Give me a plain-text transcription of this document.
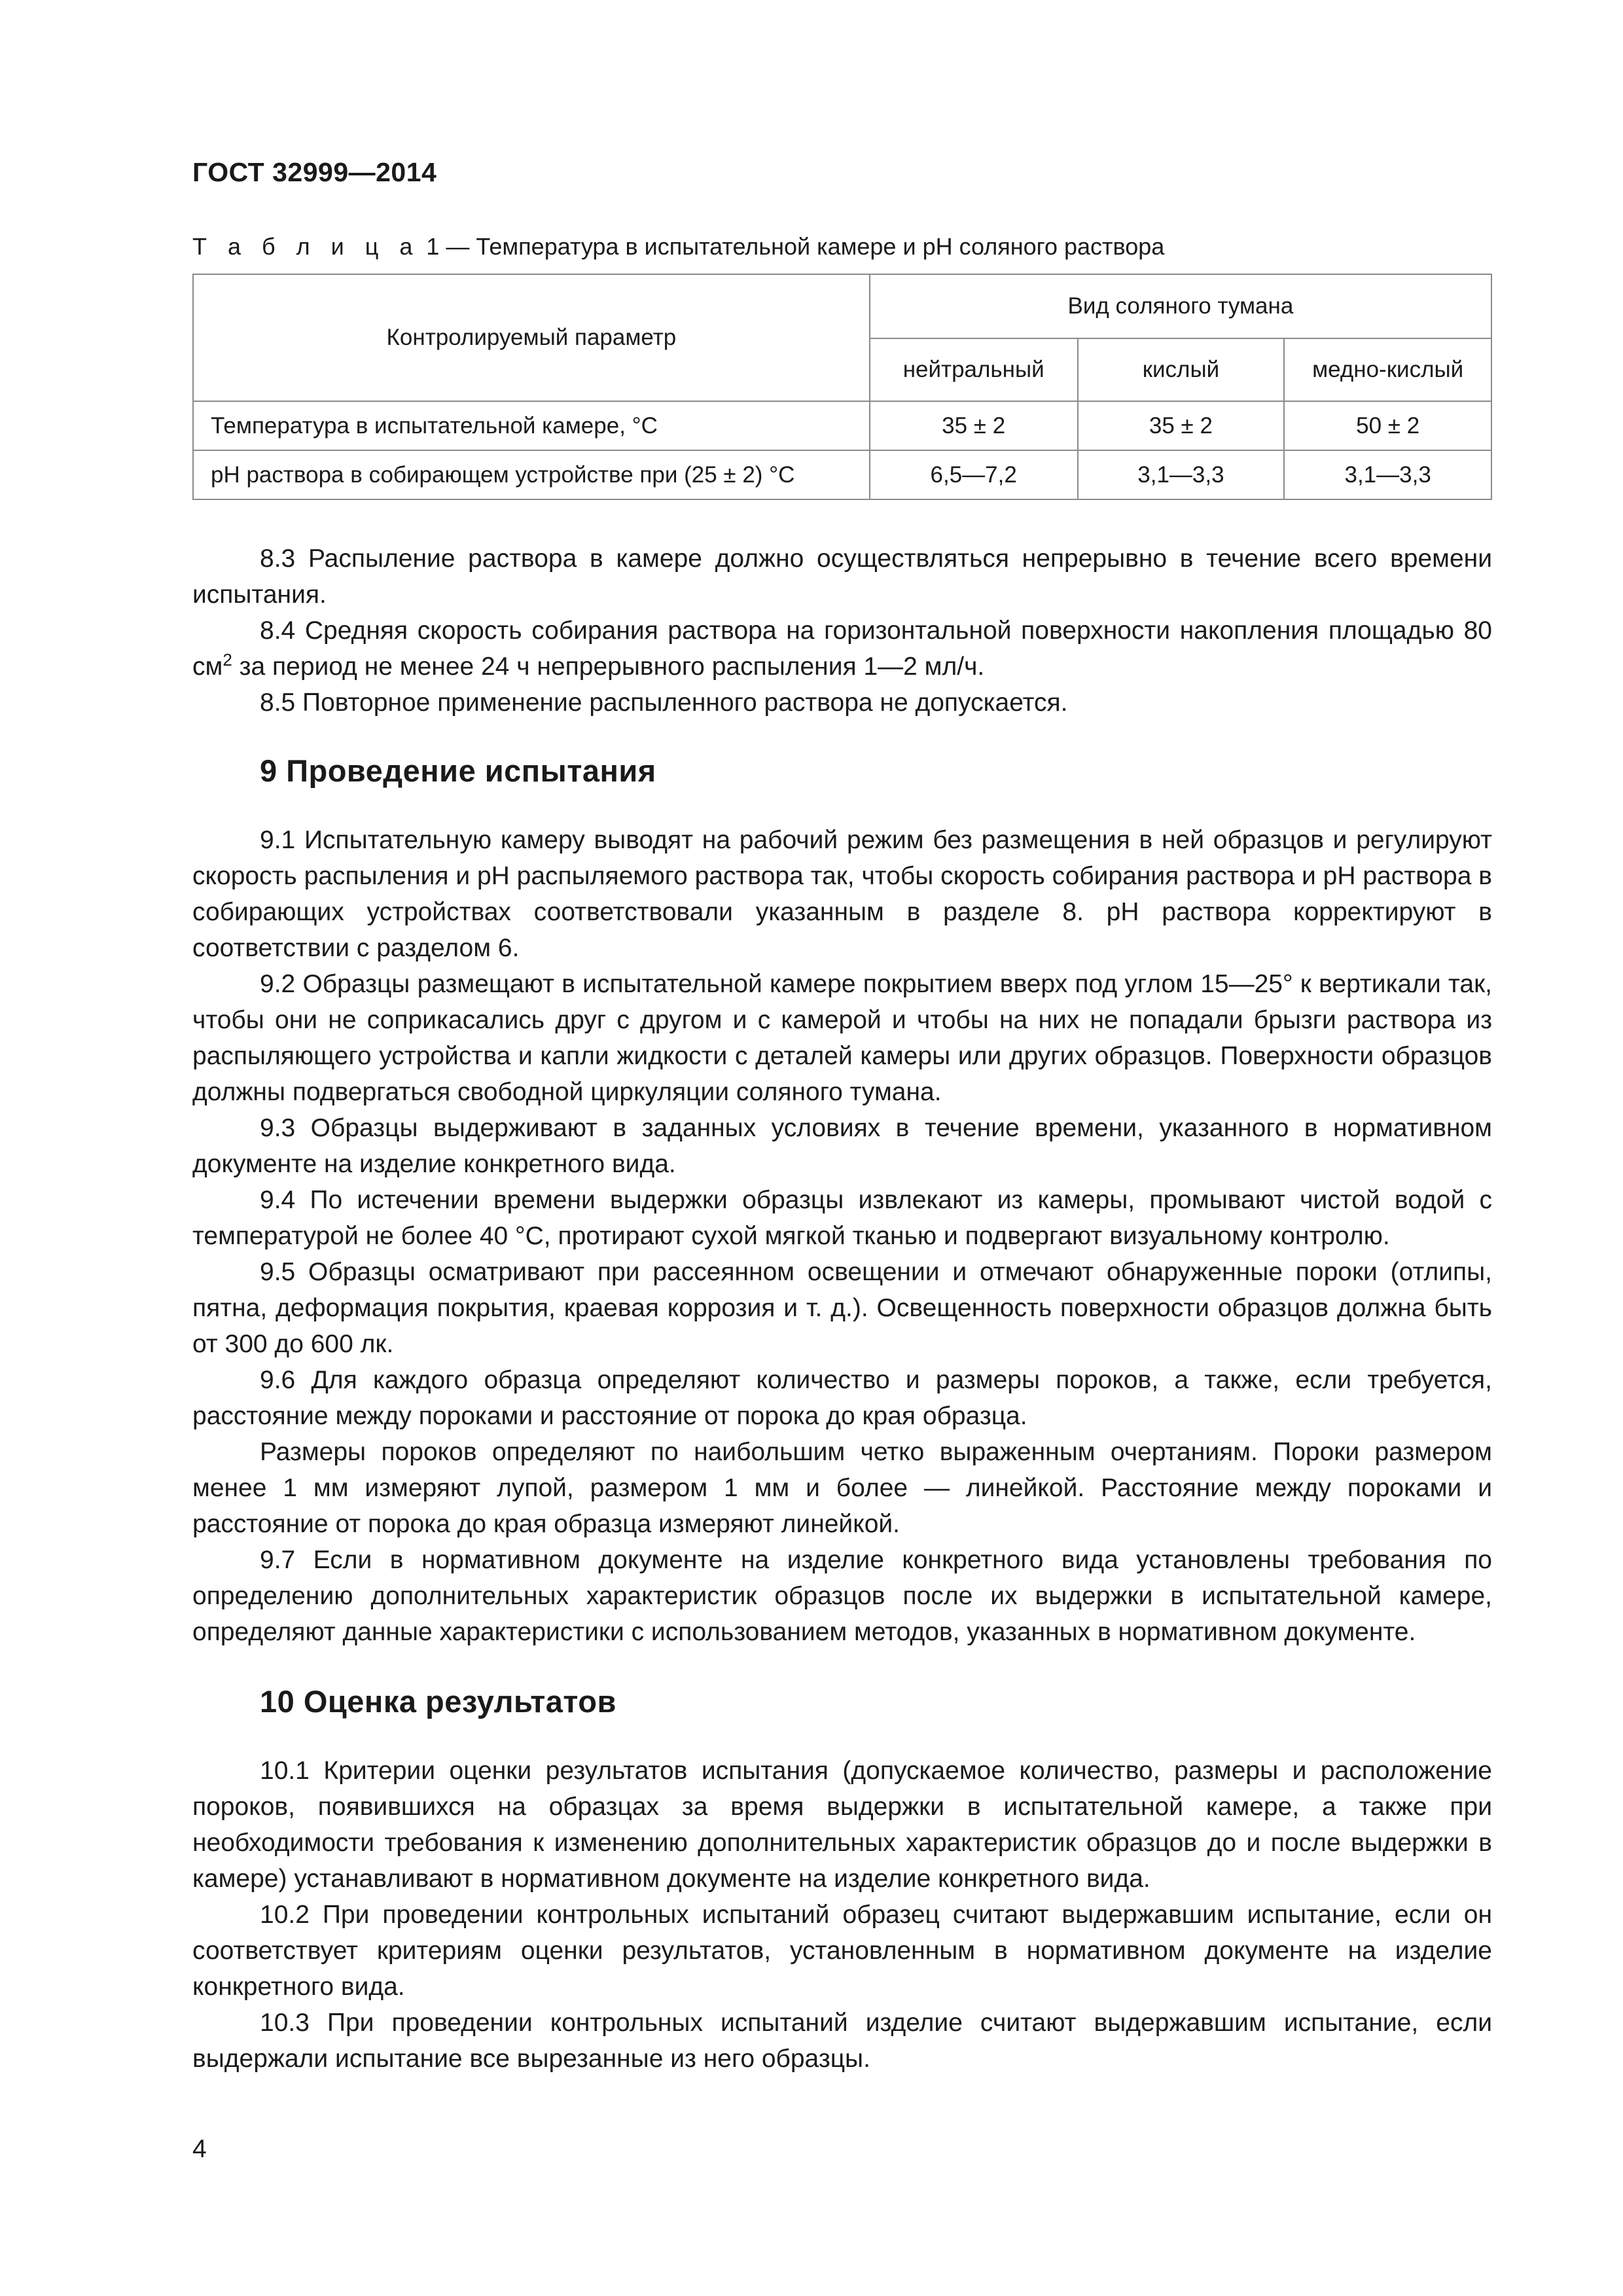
ГОСТ 32999—2014
Т а б л и ц а 1 — Температура в испытательной камере и pH соляного раствора
Контролируемый параметр	Вид соляного тумана		
	нейтральный	кислый	медно-кислый
Температура в испытательной камере, °С	35 ± 2	35 ± 2	50 ± 2
pH раствора в собирающем устройстве при (25 ± 2) °С	6,5—7,2	3,1—3,3	3,1—3,3

8.3 Распыление раствора в камере должно осуществляться непрерывно в течение всего времени испытания.

8.4 Средняя скорость собирания раствора на горизонтальной поверхности накопления площадью 80 $см^2$ за период не менее 24 ч непрерывного распыления 1—2 мл/ч.

8.5 Повторное применение распыленного раствора не допускается.

9 Проведение испытания

9.1 Испытательную камеру выводят на рабочий режим без размещения в ней образцов и регулируют скорость распыления и pH распыляемого раствора так, чтобы скорость собирания раствора и pH раствора в собирающих устройствах соответствовали указанным в разделе 8. pH раствора корректируют в соответствии с разделом 6.

9.2 Образцы размещают в испытательной камере покрытием вверх под углом 15—25° к вертикали так, чтобы они не соприкасались друг с другом и с камерой и чтобы на них не попадали брызги раствора из распыляющего устройства и капли жидкости с деталей камеры или других образцов. Поверхности образцов должны подвергаться свободной циркуляции соляного тумана.

9.3 Образцы выдерживают в заданных условиях в течение времени, указанного в нормативном документе на изделие конкретного вида.

9.4 По истечении времени выдержки образцы извлекают из камеры, промывают чистой водой с температурой не более 40 °С, протирают сухой мягкой тканью и подвергают визуальному контролю.

9.5 Образцы осматривают при рассеянном освещении и отмечают обнаруженные пороки (отлипы, пятна, деформация покрытия, краевая коррозия и т. д.). Освещенность поверхности образцов должна быть от 300 до 600 лк.

9.6 Для каждого образца определяют количество и размеры пороков, а также, если требуется, расстояние между пороками и расстояние от порока до края образца.

Размеры пороков определяют по наибольшим четко выраженным очертаниям. Пороки размером менее 1 мм измеряют лупой, размером 1 мм и более — линейкой. Расстояние между пороками и расстояние от порока до края образца измеряют линейкой.

9.7 Если в нормативном документе на изделие конкретного вида установлены требования по определению дополнительных характеристик образцов после их выдержки в испытательной камере, определяют данные характеристики с использованием методов, указанных в нормативном документе.

10 Оценка результатов

10.1 Критерии оценки результатов испытания (допускаемое количество, размеры и расположение пороков, появившихся на образцах за время выдержки в испытательной камере, а также при необходимости требования к изменению дополнительных характеристик образцов до и после выдержки в камере) устанавливают в нормативном документе на изделие конкретного вида.

10.2 При проведении контрольных испытаний образец считают выдержавшим испытание, если он соответствует критериям оценки результатов, установленным в нормативном документе на изделие конкретного вида.

10.3 При проведении контрольных испытаний изделие считают выдержавшим испытание, если выдержали испытание все вырезанные из него образцы.

4
